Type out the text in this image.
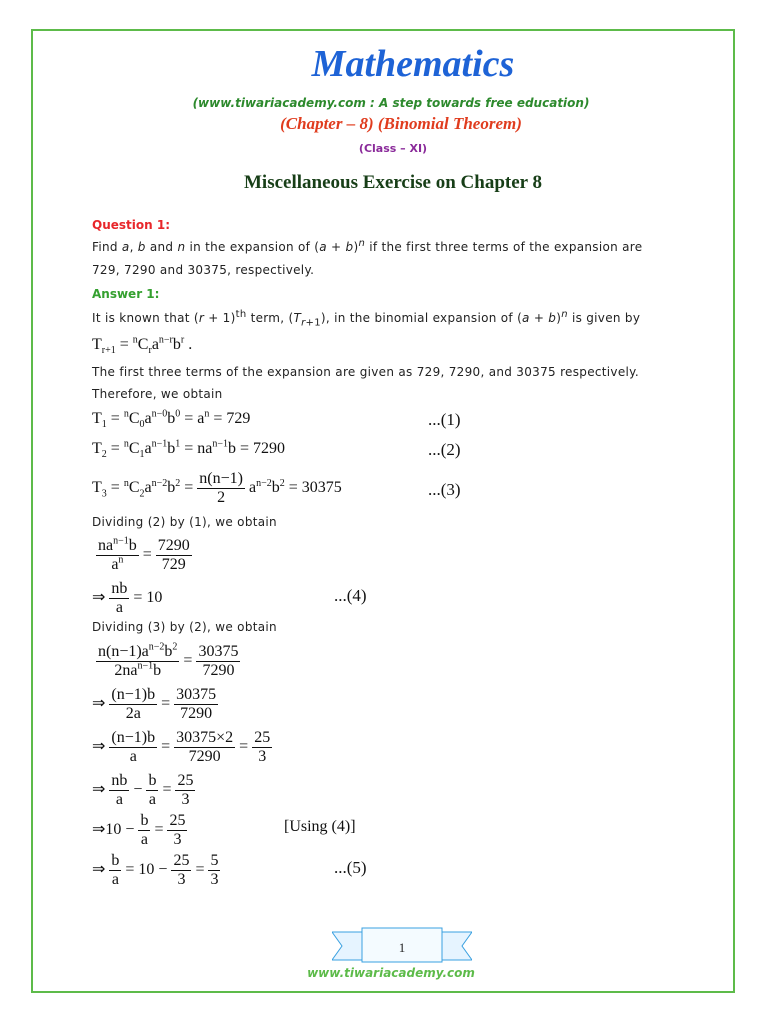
Mathematics
(www.tiwariacademy.com : A step towards free education)
(Chapter – 8) (Binomial Theorem)
(Class – XI)
Miscellaneous Exercise on Chapter 8
Question 1:
Find a, b and n in the expansion of $(a + b)^n$ if the first three terms of the expansion are
729, 7290 and 30375, respectively.
Answer 1:
It is known that $(r + 1)^{th}$ term, $(T_{r+1})$, in the binomial expansion of $(a + b)^n$ is given by
$T_{r+1} = ^nC_ra^{n-r}b^r$ .
The first three terms of the expansion are given as 729, 7290, and 30375 respectively.
Therefore, we obtain
$T_1 = ^nC_0a^{n-0}b^0 = a^n = 729$	...(1)
$T_2 = ^nC_1a^{n-1}b^1 = na^{n-1}b = 7290$	...(2)
$T_3 = ^nC_2a^{n-2}b^2 = \frac{n(n-1)}{2} a^{n-2}b^2 = 30375$	...(3)
Dividing (2) by (1), we obtain
$\frac{na^{n-1}b}{a^n} = \frac{7290}{729}$
⇒ $\frac{nb}{a} = 10$	...(4)
Dividing (3) by (2), we obtain
$\frac{n(n-1)a^{n-2}b^2}{2na^{n-1}b} = \frac{30375}{7290}$
⇒ $\frac{(n-1)b}{2a} = \frac{30375}{7290}$
⇒ $\frac{(n-1)b}{a} = \frac{30375\times 2}{7290} = \frac{25}{3}$
⇒ $\frac{nb}{a} - \frac{b}{a} = \frac{25}{3}$
⇒10 − $\frac{b}{a} = \frac{25}{3}$	[Using (4)]
⇒ $\frac{b}{a} = 10 - \frac{25}{3} = \frac{5}{3}$	...(5)
1
www.tiwariacademy.com
